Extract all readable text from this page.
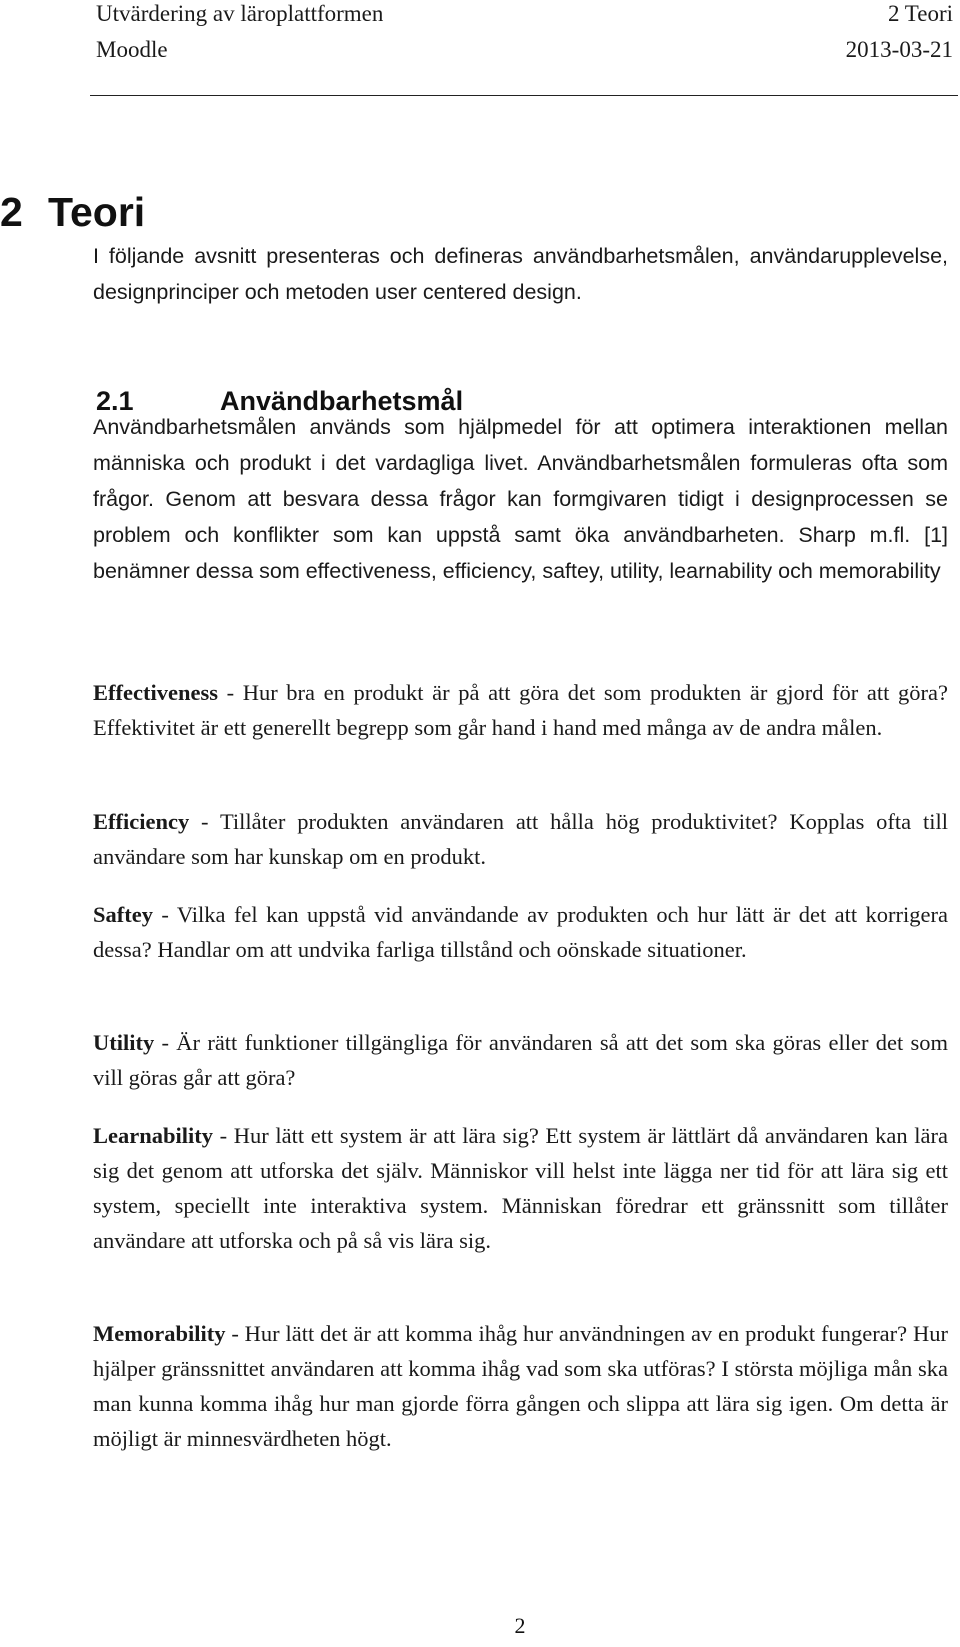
Utvärdering av läroplattformen	2 Teori
Moodle	2013-03-21
2 Teori

I följande avsnitt presenteras och defineras användbarhetsmålen, användarupplevelse, designprinciper och metoden user centered design.

2.1	Användbarhetsmål

Användbarhetsmålen används som hjälpmedel för att optimera interaktionen mellan människa och produkt i det vardagliga livet. Användbarhetsmålen formuleras ofta som frågor. Genom att besvara dessa frågor kan formgivaren tidigt i designprocessen se problem och konflikter som kan uppstå samt öka användbarheten. Sharp m.fl. [1] benämner dessa som effectiveness, efficiency, saftey, utility, learnability och memorability

Effectiveness - Hur bra en produkt är på att göra det som produkten är gjord för att göra? Effektivitet är ett generellt begrepp som går hand i hand med många av de andra målen.

Efficiency - Tillåter produkten användaren att hålla hög produktivitet? Kopplas ofta till användare som har kunskap om en produkt.

Saftey - Vilka fel kan uppstå vid användande av produkten och hur lätt är det att korrigera dessa? Handlar om att undvika farliga tillstånd och oönskade situationer.

Utility - Är rätt funktioner tillgängliga för användaren så att det som ska göras eller det som vill göras går att göra?

Learnability - Hur lätt ett system är att lära sig? Ett system är lättlärt då användaren kan lära sig det genom att utforska det själv. Människor vill helst inte lägga ner tid för att lära sig ett system, speciellt inte interaktiva system. Människan föredrar ett gränssnitt som tillåter användare att utforska och på så vis lära sig.

Memorability - Hur lätt det är att komma ihåg hur användningen av en produkt fungerar? Hur hjälper gränssnittet användaren att komma ihåg vad som ska utföras? I största möjliga mån ska man kunna komma ihåg hur man gjorde förra gången och slippa att lära sig igen. Om detta är möjligt är minnesvärdheten högt.

2
